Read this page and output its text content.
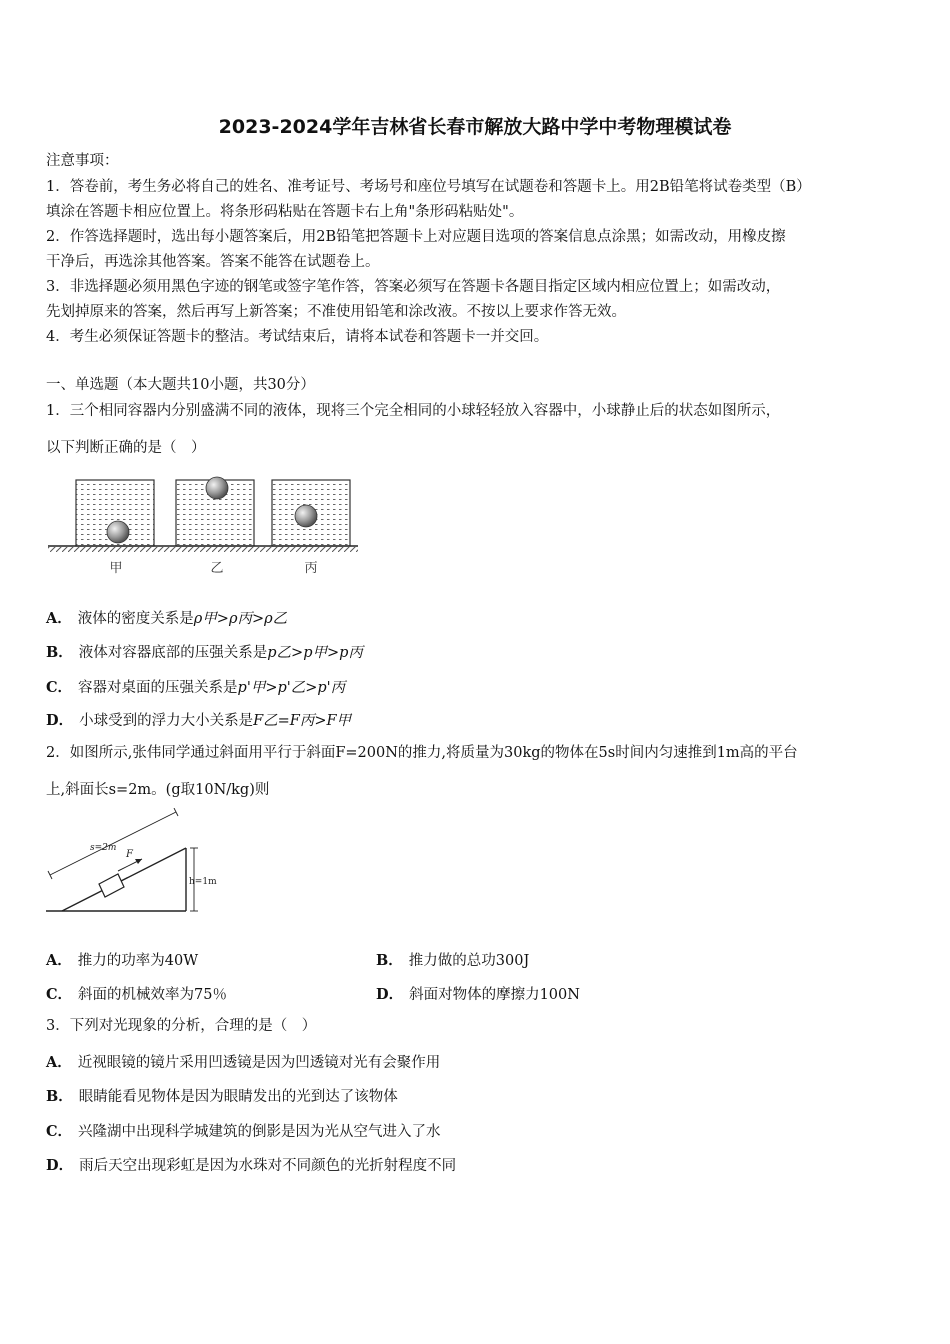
2023-2024学年吉林省长春市解放大路中学中考物理模试卷
注意事项：
1．答卷前，考生务必将自己的姓名、准考证号、考场号和座位号填写在试题卷和答题卡上。用2B铅笔将试卷类型（B）
填涂在答题卡相应位置上。将条形码粘贴在答题卡右上角"条形码粘贴处"。
2．作答选择题时，选出每小题答案后，用2B铅笔把答题卡上对应题目选项的答案信息点涂黑；如需改动，用橡皮擦
干净后，再选涂其他答案。答案不能答在试题卷上。
3．非选择题必须用黑色字迹的钢笔或签字笔作答，答案必须写在答题卡各题目指定区域内相应位置上；如需改动，
先划掉原来的答案，然后再写上新答案；不准使用铅笔和涂改液。不按以上要求作答无效。
4．考生必须保证答题卡的整洁。考试结束后，请将本试卷和答题卡一并交回。
一、单选题（本大题共10小题，共30分）
1．三个相同容器内分别盛满不同的液体，现将三个完全相同的小球轻轻放入容器中，小球静止后的状态如图所示，
以下判断正确的是（　）
甲	乙	丙
A． 液体的密度关系是ρ甲>ρ丙>ρ乙
B． 液体对容器底部的压强关系是p乙>p甲>p丙
C． 容器对桌面的压强关系是p'甲>p'乙>p'丙
D． 小球受到的浮力大小关系是F乙=F丙>F甲
2．如图所示,张伟同学通过斜面用平行于斜面F=200N的推力,将质量为30kg的物体在5s时间内匀速推到1m高的平台
上,斜面长s=2m。(g取10N/kg)则
F
s=2m
h=1m
A． 推力的功率为40W	B． 推力做的总功300J
C． 斜面的机械效率为75％	D． 斜面对物体的摩擦力100N
3．下列对光现象的分析，合理的是（　）
A． 近视眼镜的镜片采用凹透镜是因为凹透镜对光有会聚作用
B． 眼睛能看见物体是因为眼睛发出的光到达了该物体
C． 兴隆湖中出现科学城建筑的倒影是因为光从空气进入了水
D． 雨后天空出现彩虹是因为水珠对不同颜色的光折射程度不同
